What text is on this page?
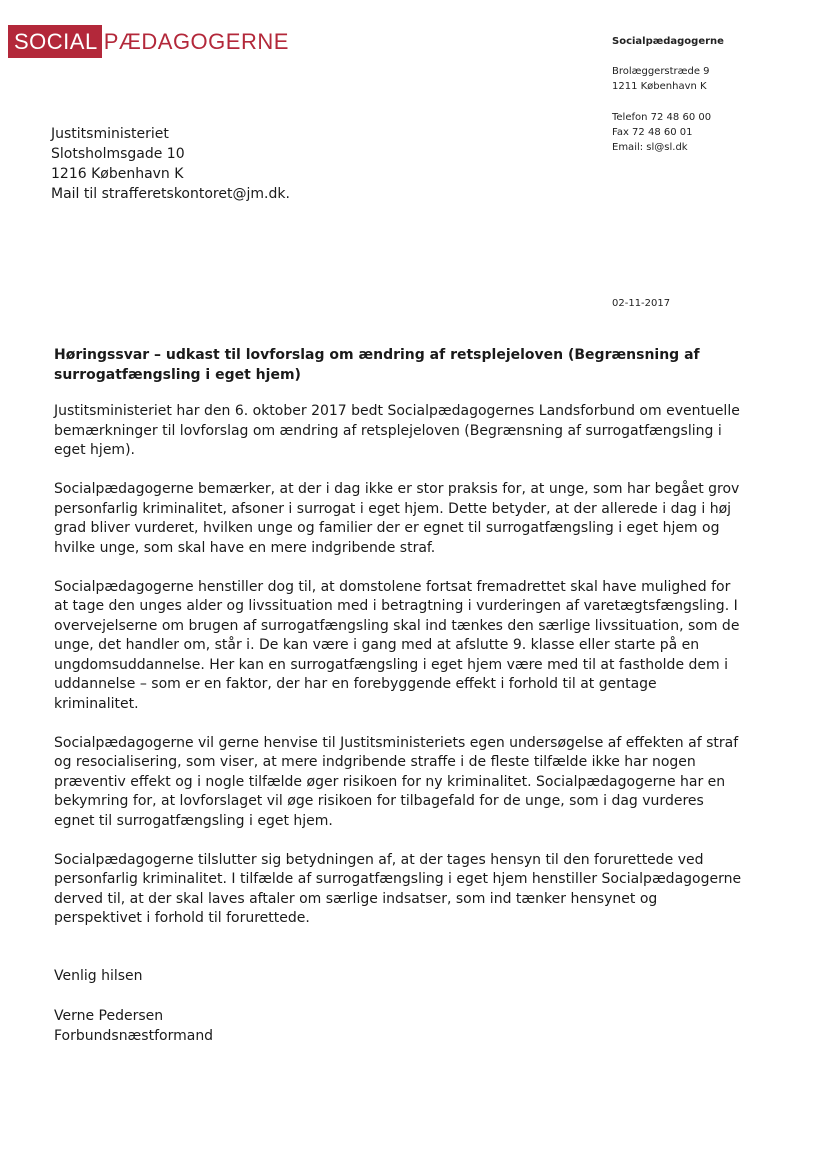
SOCIAL PÆDAGOGERNE	Socialpædagogerne
Brolæggerstræde 9
1211 København K
Telefon 72 48 60 00
Fax 72 48 60 01
Email: sl@sl.dk
Justitsministeriet
Slotsholmsgade 10
1216 København K
Mail til strafferetskontoret@jm.dk.
02-11-2017
Høringssvar – udkast til lovforslag om ændring af retsplejeloven (Begrænsning af surrogatfængsling i eget hjem)

Justitsministeriet har den 6. oktober 2017 bedt Socialpædagogernes Landsforbund om eventuelle bemærkninger til lovforslag om ændring af retsplejeloven (Begrænsning af surrogatfængsling i eget hjem).

Socialpædagogerne bemærker, at der i dag ikke er stor praksis for, at unge, som har begået grov personfarlig kriminalitet, afsoner i surrogat i eget hjem. Dette betyder, at der allerede i dag i høj grad bliver vurderet, hvilken unge og familier der er egnet til surrogatfængsling i eget hjem og hvilke unge, som skal have en mere indgribende straf.

Socialpædagogerne henstiller dog til, at domstolene fortsat fremadrettet skal have mulighed for at tage den unges alder og livssituation med i betragtning i vurderingen af varetægtsfængsling. I overvejelserne om brugen af surrogatfængsling skal ind tænkes den særlige livssituation, som de unge, det handler om, står i. De kan være i gang med at afslutte 9. klasse eller starte på en ungdomsuddannelse. Her kan en surrogatfængsling i eget hjem være med til at fastholde dem i uddannelse – som er en faktor, der har en forebyggende effekt i forhold til at gentage kriminalitet.

Socialpædagogerne vil gerne henvise til Justitsministeriets egen undersøgelse af effekten af straf og resocialisering, som viser, at mere indgribende straffe i de fleste tilfælde ikke har nogen præventiv effekt og i nogle tilfælde øger risikoen for ny kriminalitet. Socialpædagogerne har en bekymring for, at lovforslaget vil øge risikoen for tilbagefald for de unge, som i dag vurderes egnet til surrogatfængsling i eget hjem.

Socialpædagogerne tilslutter sig betydningen af, at der tages hensyn til den forurettede ved personfarlig kriminalitet. I tilfælde af surrogatfængsling i eget hjem henstiller Socialpædagogerne derved til, at der skal laves aftaler om særlige indsatser, som ind tænker hensynet og perspektivet i forhold til forurettede.

Venlig hilsen
Verne Pedersen
Forbundsnæstformand
